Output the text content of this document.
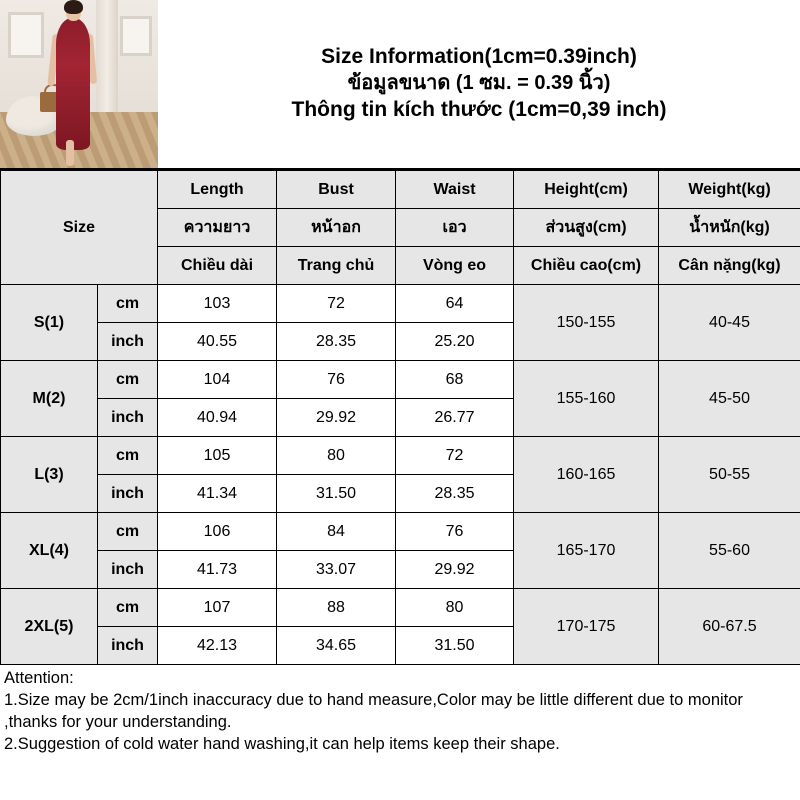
Size Information(1cm=0.39inch)
ข้อมูลขนาด (1 ซม. = 0.39 นิ้ว)
Thông tin kích thước (1cm=0,39 inch)
Size		Length	Bust	Waist	Height(cm)	Weight(kg)
		ความยาว	หน้าอก	เอว	ส่วนสูง(cm)	น้ำหนัก(kg)
		Chiều dài	Trang chủ	Vòng eo	Chiều cao(cm)	Cân nặng(kg)
S(1)	cm	103	72	64	150-155	40-45
	inch	40.55	28.35	25.20		
M(2)	cm	104	76	68	155-160	45-50
	inch	40.94	29.92	26.77		
L(3)	cm	105	80	72	160-165	50-55
	inch	41.34	31.50	28.35		
XL(4)	cm	106	84	76	165-170	55-60
	inch	41.73	33.07	29.92		
2XL(5)	cm	107	88	80	170-175	60-67.5
	inch	42.13	34.65	31.50		
Attention:
1.Size may be 2cm/1inch inaccuracy due to hand measure,Color may be little different due to monitor ,thanks for your understanding.
2.Suggestion of cold water hand washing,it can help items keep their shape.
